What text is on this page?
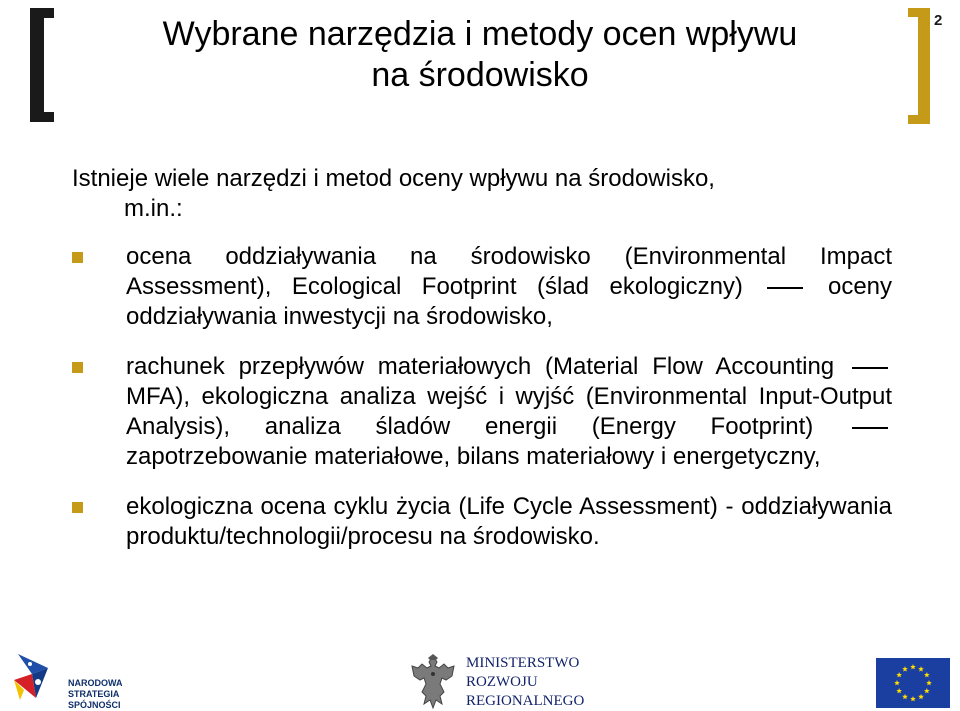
2
Wybrane narzędzia i metody ocen wpływu
na środowisko
Istnieje wiele narzędzi i metod oceny wpływu na środowisko,
m.in.:
ocena oddziaływania na środowisko (Environmental Impact Assessment), Ecological Footprint (ślad ekologiczny)	oceny oddziaływania inwestycji na środowisko,
rachunek przepływów materiałowych (Material Flow Accounting  MFA), ekologiczna analiza wejść i wyjść (Environmental Input-Output Analysis), analiza śladów energii (Energy Footprint)  zapotrzebowanie materiałowe, bilans materiałowy i energetyczny,
ekologiczna ocena cyklu życia (Life Cycle Assessment) - oddziaływania produktu/technologii/procesu na środowisko.
NARODOWA
STRATEGIA SPÓJNOŚCI
MINISTERSTWO
ROZWOJU
REGIONALNEGO
